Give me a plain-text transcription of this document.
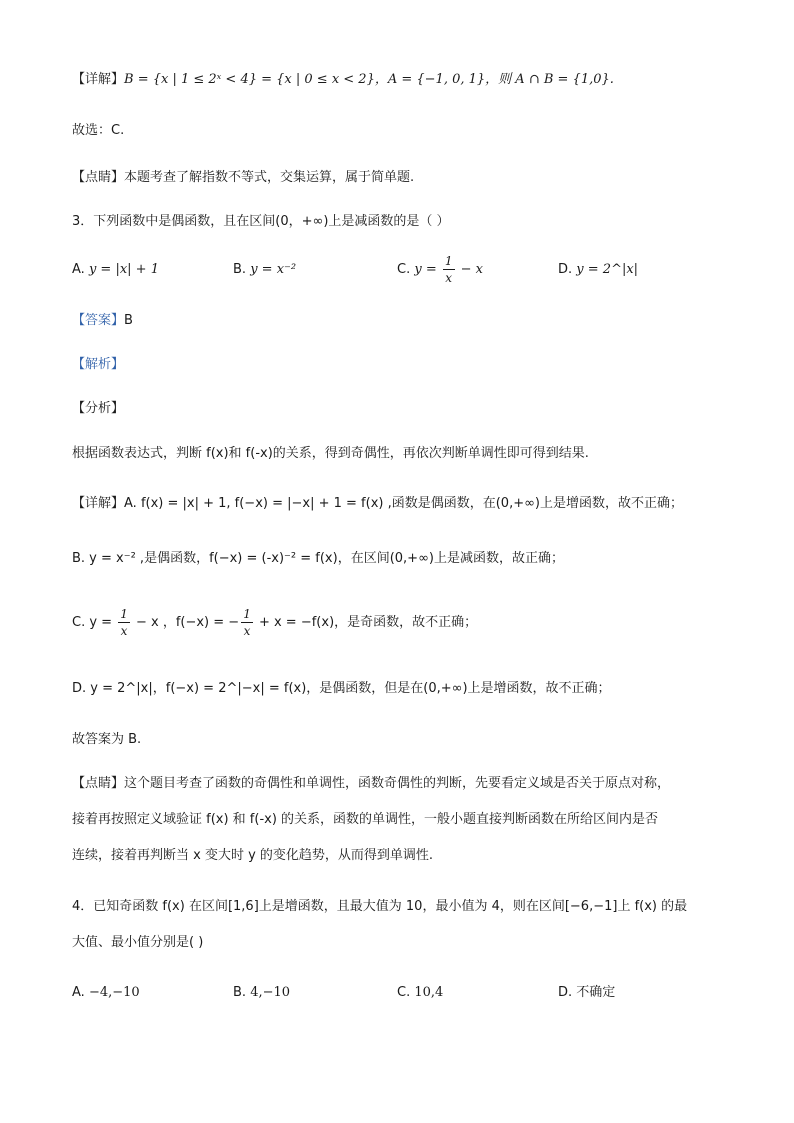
【详解】B = {x | 1 ≤ 2ˣ < 4} = {x | 0 ≤ x < 2}，A = {−1, 0, 1}，则 A ∩ B = {1,0}.
故选：C.
【点睛】本题考查了解指数不等式，交集运算，属于简单题.
3．下列函数中是偶函数，且在区间(0，+∞)上是减函数的是（ ）
A. y = |x| + 1	B. y = x⁻²	C. $y = \frac{1}{x} - x$	D. y = 2^|x|
【答案】B
【解析】
【分析】
根据函数表达式，判断 f(x)和 f(-x)的关系，得到奇偶性，再依次判断单调性即可得到结果.
【详解】A. f(x) = |x| + 1, f(−x) = |−x| + 1 = f(x) ,函数是偶函数，在(0,+∞)上是增函数，故不正确；
B. y = x⁻² ,是偶函数，f(−x) = (-x)⁻² = f(x)，在区间(0,+∞)上是减函数，故正确；
C. $y = \frac{1}{x} - x$ ，f(−x) = − $\frac{1}{x} + x = -f(x)$，是奇函数，故不正确；
D. y = 2^|x|，f(−x) = 2^|−x| = f(x)，是偶函数，但是在(0,+∞)上是增函数，故不正确；
故答案为 B.
【点睛】这个题目考查了函数的奇偶性和单调性，函数奇偶性的判断，先要看定义域是否关于原点对称，
接着再按照定义域验证 f(x) 和 f(-x) 的关系，函数的单调性，一般小题直接判断函数在所给区间内是否
连续，接着再判断当 x 变大时 y 的变化趋势，从而得到单调性.
4．已知奇函数 f(x) 在区间[1,6]上是增函数，且最大值为 10，最小值为 4，则在区间[−6,−1]上 f(x) 的最
大值、最小值分别是( )
A. −4,−10	B. 4,−10	C. 10,4	D. 不确定
